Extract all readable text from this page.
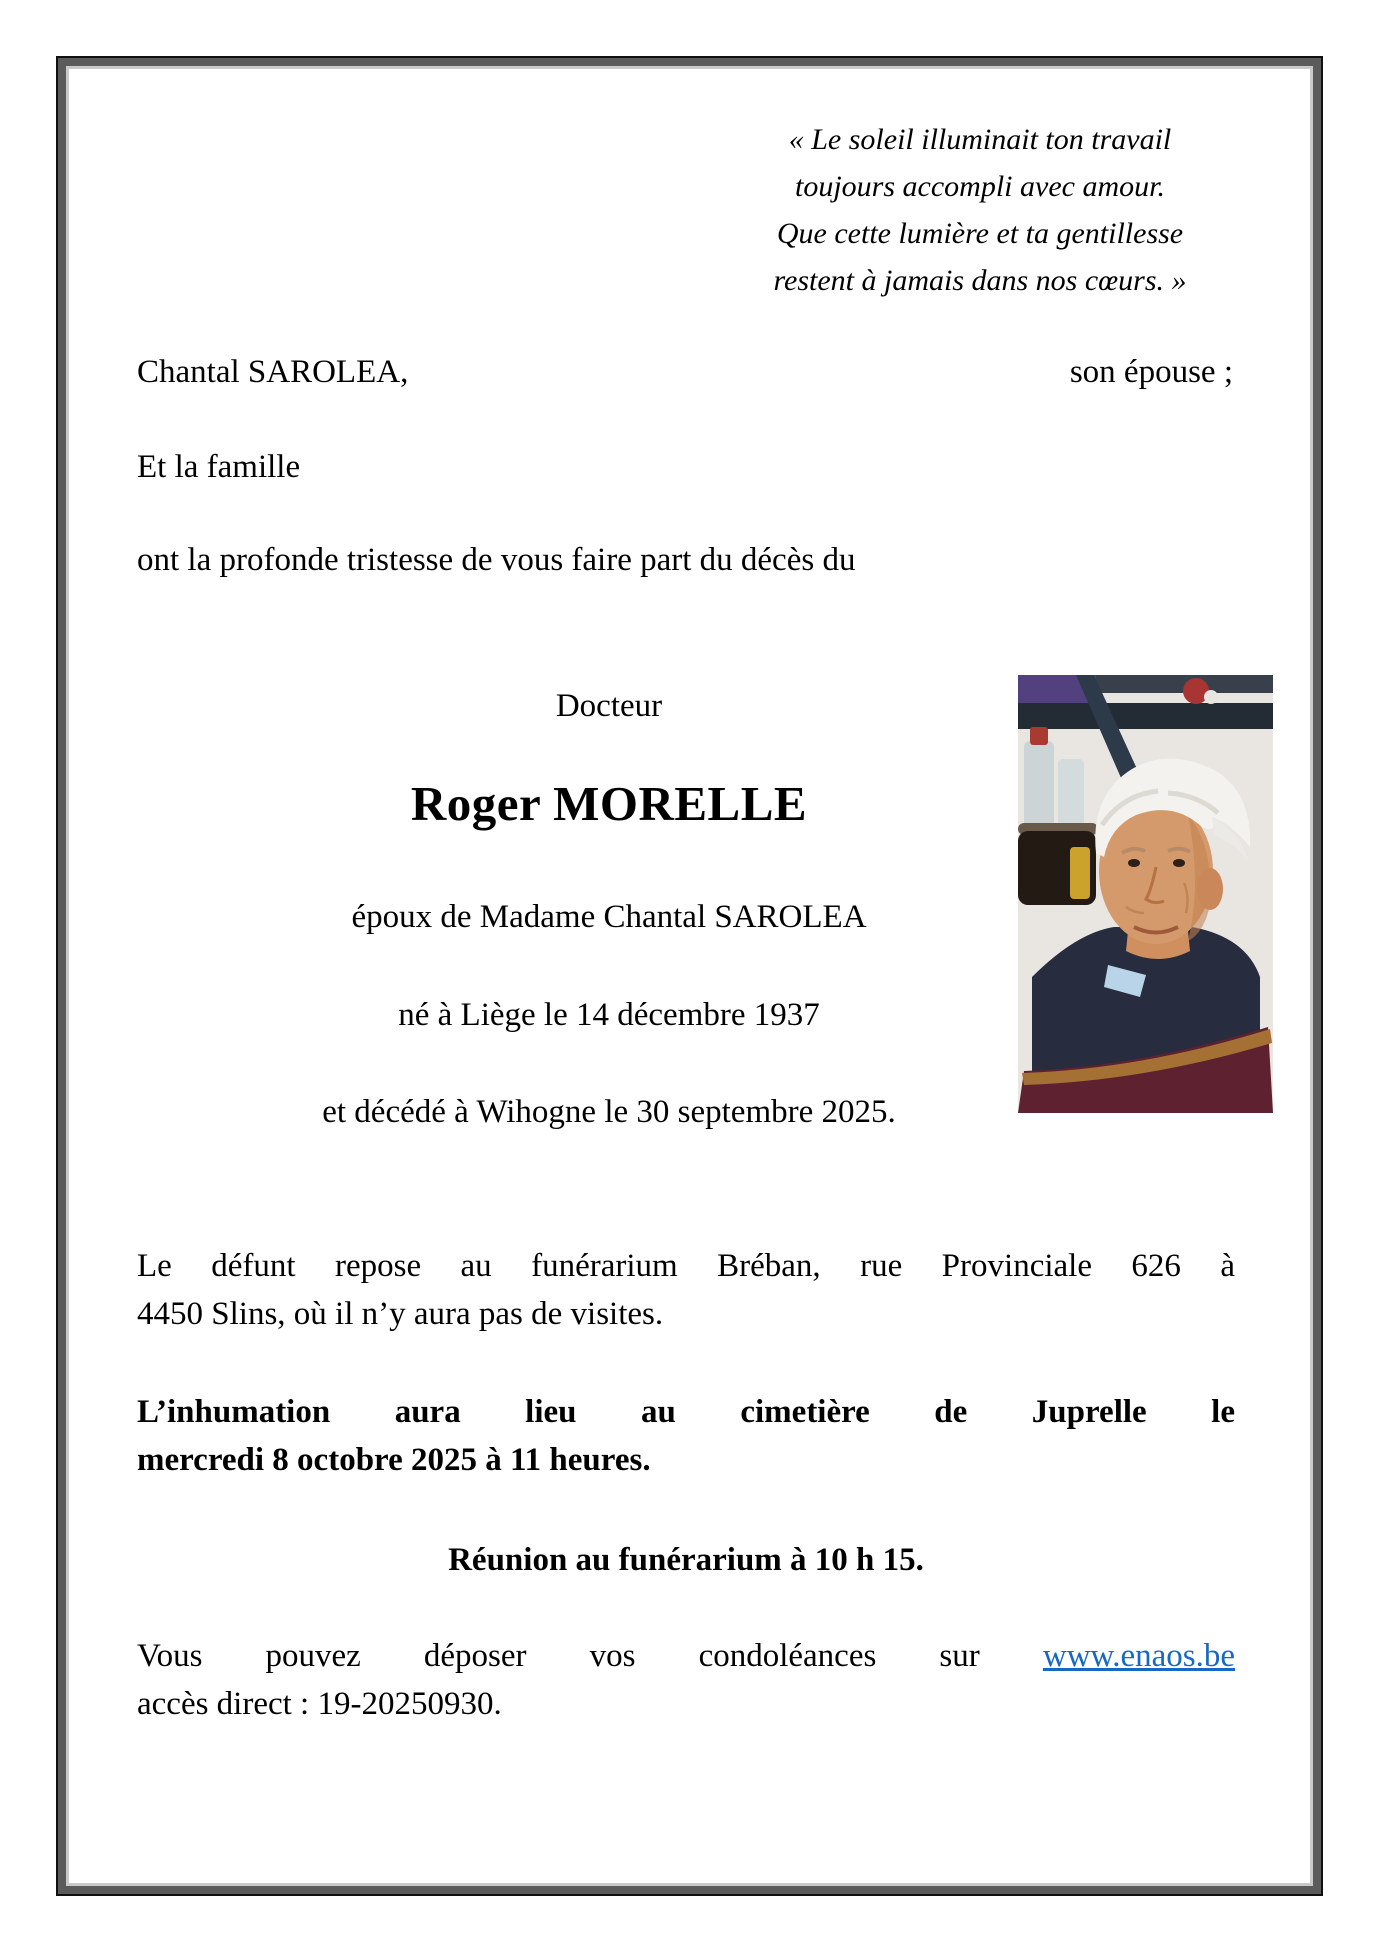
« Le soleil illuminait ton travail
toujours accompli avec amour.
Que cette lumière et ta gentillesse
restent à jamais dans nos cœurs. »
Chantal SAROLEA,	son épouse ;
Et la famille
ont la profonde tristesse de vous faire part du décès du
Docteur
Roger MORELLE
époux de Madame Chantal SAROLEA
né à Liège le 14 décembre 1937
et décédé à Wihogne le 30 septembre 2025.
Le défunt repose au funérarium Bréban, rue Provinciale 626 à
4450 Slins, où il n’y aura pas de visites.
L’inhumation aura lieu au cimetière de Juprelle le
mercredi 8 octobre 2025 à 11 heures.
Réunion au funérarium à 10 h 15.
Vous pouvez déposer vos condoléances sur www.enaos.be
accès direct : 19-20250930.
